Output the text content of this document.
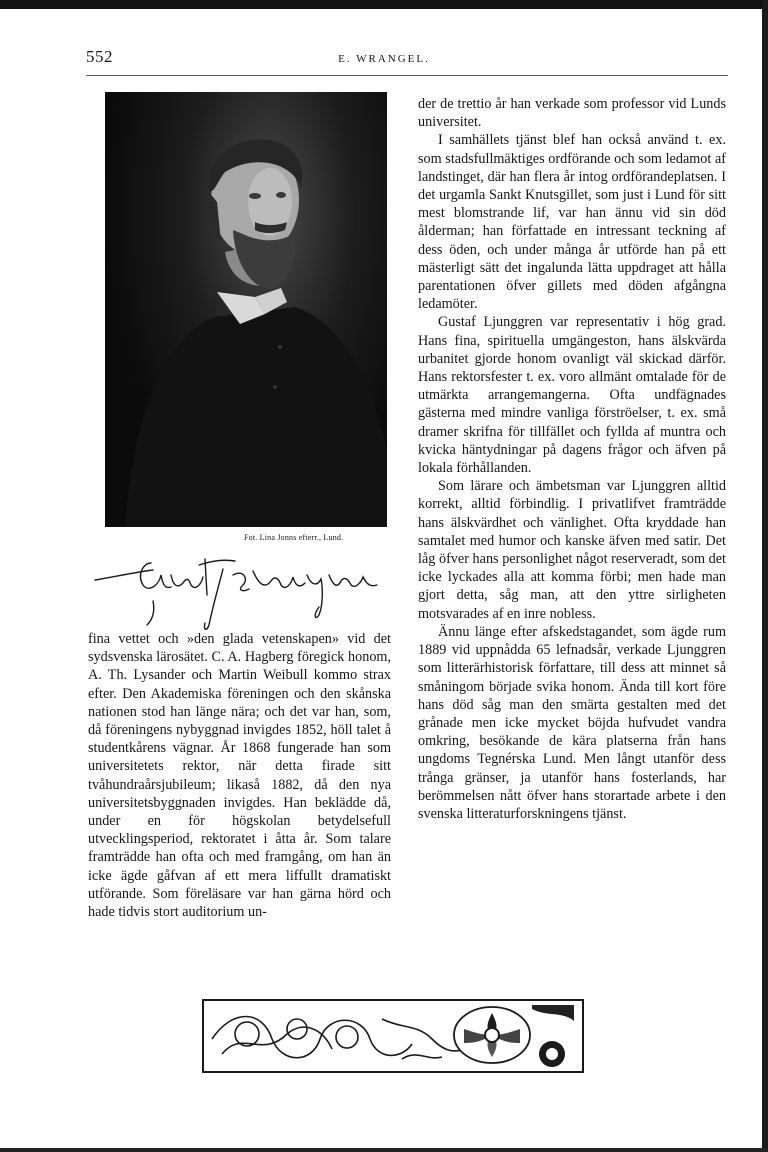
552	E. WRANGEL.
Fot. Lina Jonns efterr., Lund.

fina vettet och »den glada vetenskapen» vid det sydsvenska lärosätet. C. A. Hagberg föregick honom, A. Th. Lysander och Martin Weibull kommo strax efter. Den Akademiska föreningen och den skånska nationen stod han länge nära; och det var han, som, då föreningens nybyggnad invigdes 1852, höll talet å studentkårens vägnar. År 1868 fungerade han som universitetets rektor, när detta firade sitt tvåhundraårsjubileum; likaså 1882, då den nya universitetsbyggnaden invigdes. Han beklädde då, under en för högskolan betydelsefull utvecklingsperiod, rektoratet i åtta år. Som talare framträdde han ofta och med framgång, om han än icke ägde gåfvan af ett mera liffullt dramatiskt utförande. Som föreläsare var han gärna hörd och hade tidvis stort auditorium un-

der de trettio år han verkade som professor vid Lunds universitet.

I samhällets tjänst blef han också använd t. ex. som stadsfullmäktiges ordförande och som ledamot af landstinget, där han flera år intog ordförandeplatsen. I det urgamla Sankt Knutsgillet, som just i Lund för sitt mest blomstrande lif, var han ännu vid sin död ålderman; han författade en intressant teckning af dess öden, och under många år utförde han på ett mästerligt sätt det ingalunda lätta uppdraget att hålla parentationen öfver gillets med döden afgångna ledamöter.

Gustaf Ljunggren var representativ i hög grad. Hans fina, spirituella umgängeston, hans älskvärda urbanitet gjorde honom ovanligt väl skickad därför. Hans rektorsfester t. ex. voro allmänt omtalade för de utmärkta arrangemangerna. Ofta undfägnades gästerna med mindre vanliga förströelser, t. ex. små dramer skrifna för tillfället och fyllda af muntra och kvicka häntydningar på dagens frågor och äfven på lokala förhållanden.

Som lärare och ämbetsman var Ljunggren alltid korrekt, alltid förbindlig. I privatlifvet framträdde hans älskvärdhet och vänlighet. Ofta kryddade han samtalet med humor och kanske äfven med satir. Det låg öfver hans personlighet något reserveradt, som det icke lyckades alla att komma förbi; men hade man gjort detta, såg man, att den yttre sirligheten motsvarades af en inre nobless.

Ännu länge efter afskedstagandet, som ägde rum 1889 vid uppnådda 65 lefnadsår, verkade Ljunggren som litterärhistorisk författare, till dess att minnet så småningom började svika honom. Ända till kort före hans död såg man den smärta gestalten med det grånade men icke mycket böjda hufvudet vandra omkring, besökande de kära platserna från hans ungdoms Tegnérska Lund. Men långt utanför dess trånga gränser, ja utanför hans fosterlands, har berömmelsen nått öfver hans storartade arbete i den svenska litteraturforskningens tjänst.
